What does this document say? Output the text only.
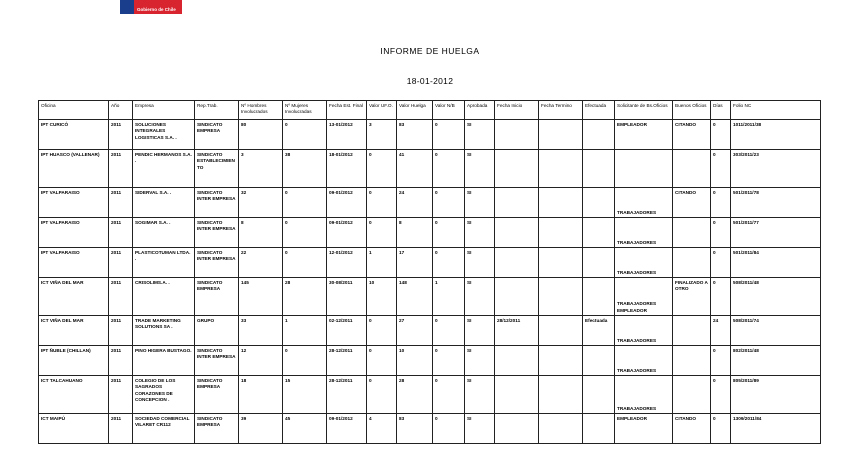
Gobierno de Chile
INFORME DE HUELGA
18-01-2012
Oficina	Año	Empresa	Rep.Trab.	Nº Hombres Involucrados	Nº Mujeres Involucradas	Fecha Est. Final	Valor UF.O.	Valor Huelga	Valor N/B	Aprobada	Fecha Inicio	Fecha Termino	Efectuada	Solicitante de Bs.Oficios	Buenos Oficios	Días	Folio NC
IPT CURICÓ	2011	SOLUCIONES INTEGRALES LOGISTICAS S.A. .	SINDICATO EMPRESA	80	0	13-01/2012	3	83	0	SI				EMPLEADOR	CITANDO	0	1011/2011/38
IPT HUASCO (VALLENAR)	2011	PENDIC HERMANOS S.A. .	SINDICATO ESTABLECIMIENTO	3	38	18-01/2012	0	41	0	SI						0	303/2011/23
IPT VALPARAISO	2011	SIDERVAL S.A. .	SINDICATO INTER EMPRESA	32	0	09-01/2012	0	24	0	SI				TRABAJADORES	CITANDO	0	501/2011/78
IPT VALPARAISO	2011	SOGIMAR S.A. .	SINDICATO INTER EMPRESA	8	0	09-01/2012	0	8	0	SI				TRABAJADORES		0	501/2011/77
IPT VALPARAISO	2011	PLASTICOTUMAN LTDA. .	SINDICATO INTER EMPRESA	22	0	12-01/2012	1	17	0	SI				TRABAJADORES		0	501/2011/84
ICT VIÑA DEL MAR	2011	CRISOLIMS.A. .	SINDICATO EMPRESA	145	28	30-08/2011	10	148	1	SI				TRABAJADORES EMPLEADOR	FINALIZADO A OTRO	0	508/2011/48
ICT VIÑA DEL MAR	2011	TRADE MARKETING SOLUTIONS SA .	GRUPO	33	1	02-12/2011	0	27	0	SI	28/12/2011		Efectuada	TRABAJADORES		24	508/2011/74
IPT ÑUBLE (CHILLAN)	2011	PINO HIGERA BUSTAGO.	SINDICATO INTER EMPRESA	12	0	28-12/2011	0	10	0	SI				TRABAJADORES		0	802/2011/48
ICT TALCAHUANO	2011	COLEGIO DE LOS SAGRADOS CORAZONES DE CONCEPCION .	SINDICATO EMPRESA	18	15	28-12/2011	0	28	0	SI				TRABAJADORES		0	805/2011/89
ICT MAIPÚ	2011	SOCIEDAD COMERCIAL VILARET CR112	SINDICATO EMPRESA	39	45	09-01/2012	4	83	0	SI				EMPLEADOR	CITANDO	0	1309/2011/84
